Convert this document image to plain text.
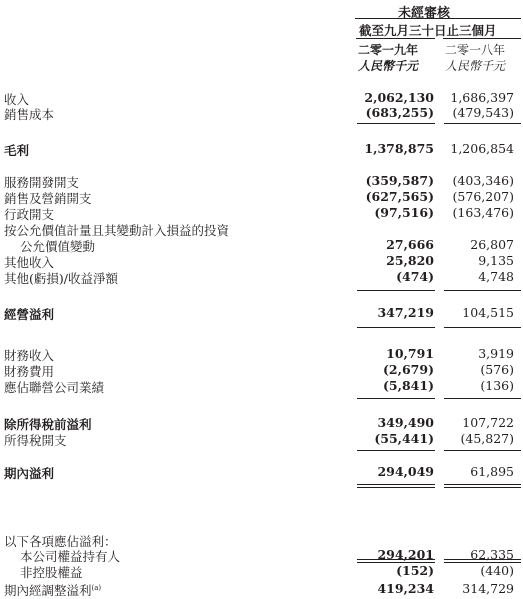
未經審核
截至九月三十日止三個月
二零一九年 二零一八年
人民幣千元 人民幣千元
收入	2,062,130 1,686,397
銷售成本	(683,255) (479,543)
毛利	1,378,875 1,206,854
服務開發開支	(359,587) (403,346)
銷售及營銷開支	(627,565) (576,207)
行政開支	(97,516) (163,476)
按公允價值計量且其變動計入損益的投資
公允價值變動	27,666	26,807
其他收入	25,820	9,135
其他(虧損)/收益淨額	(474)	4,748
經營溢利	347,219 104,515
財務收入	10,791	3,919
財務費用	(2,679)	(576)
應佔聯營公司業績	(5,841)	(136)
除所得稅前溢利	349,490 107,722
所得稅開支	(55,441) (45,827)
期內溢利	294,049	61,895
以下各項應佔溢利：
本公司權益持有人	294,201	62,335
非控股權益	(152)	(440)
期內經調整溢利$^{(a)}$	419,234 314,729
